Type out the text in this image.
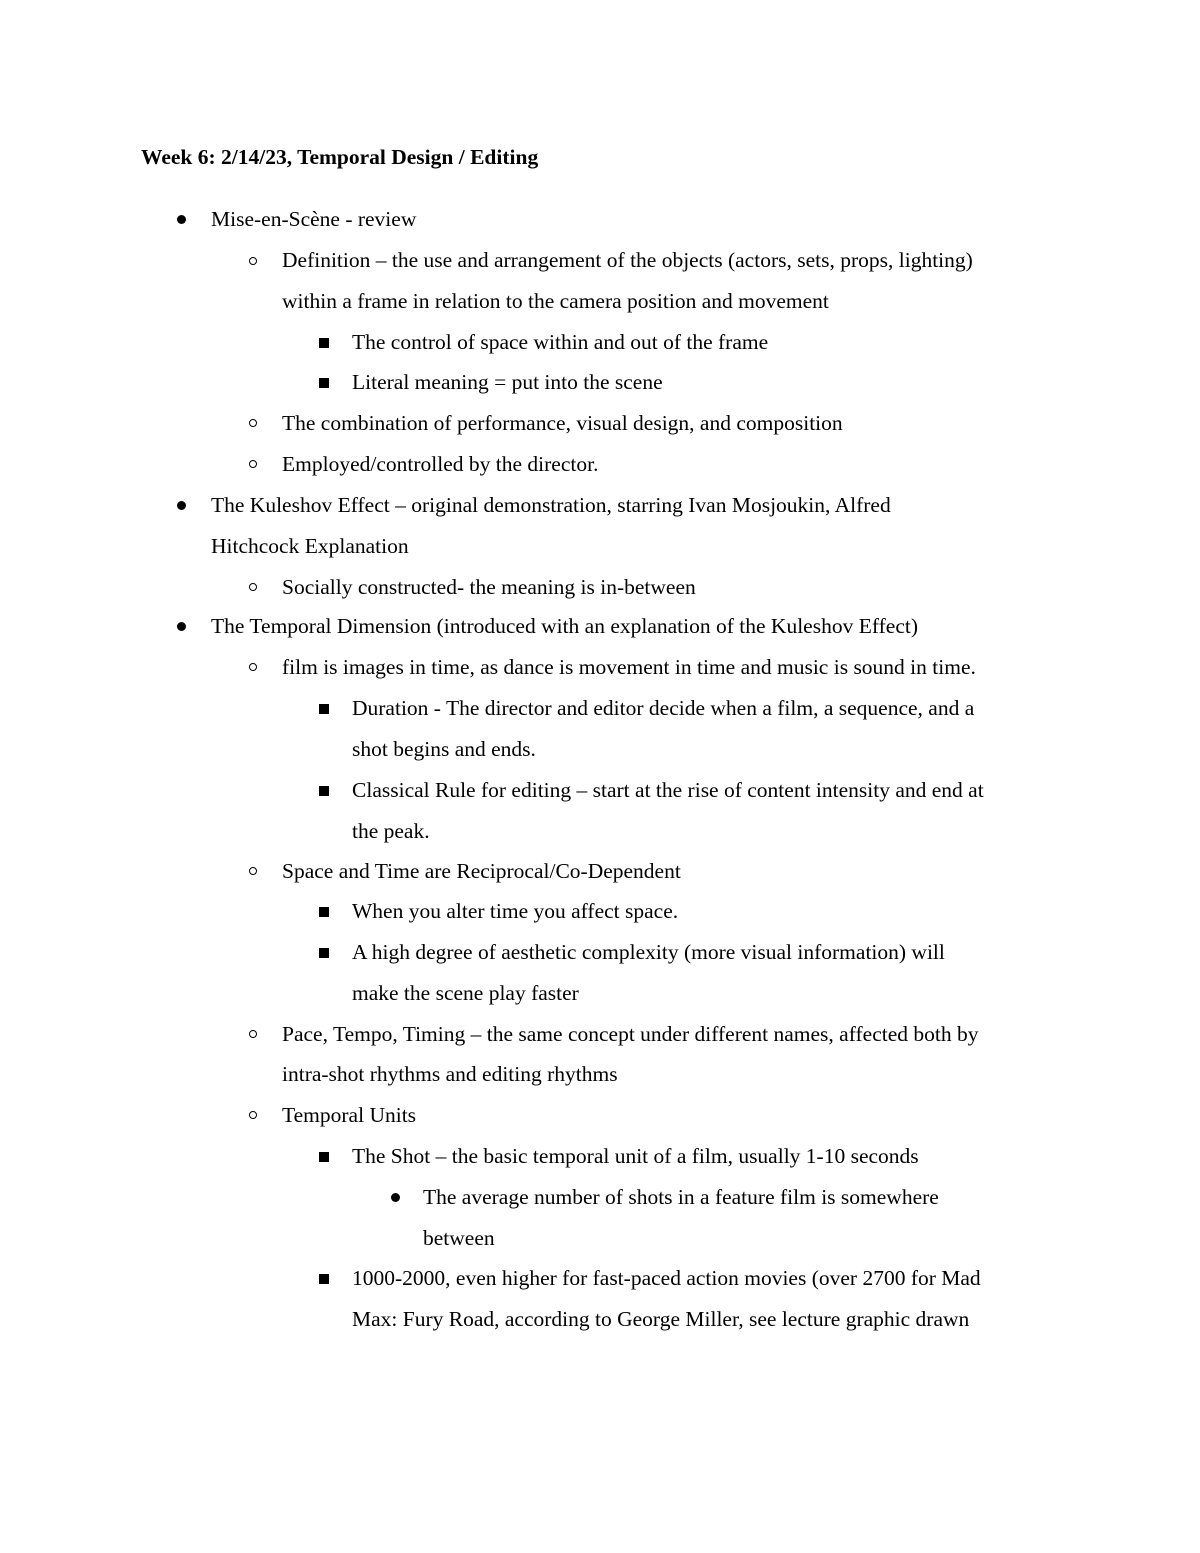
Week 6: 2/14/23, Temporal Design / Editing
Mise-en-Scène - review
Definition – the use and arrangement of the objects (actors, sets, props, lighting)
within a frame in relation to the camera position and movement
The control of space within and out of the frame
Literal meaning = put into the scene
The combination of performance, visual design, and composition
Employed/controlled by the director.
The Kuleshov Effect – original demonstration, starring Ivan Mosjoukin, Alfred
Hitchcock Explanation
Socially constructed- the meaning is in-between
The Temporal Dimension (introduced with an explanation of the Kuleshov Effect)
film is images in time, as dance is movement in time and music is sound in time.
Duration - The director and editor decide when a film, a sequence, and a
shot begins and ends.
Classical Rule for editing – start at the rise of content intensity and end at
the peak.
Space and Time are Reciprocal/Co-Dependent
When you alter time you affect space.
A high degree of aesthetic complexity (more visual information) will
make the scene play faster
Pace, Tempo, Timing – the same concept under different names, affected both by
intra-shot rhythms and editing rhythms
Temporal Units
The Shot – the basic temporal unit of a film, usually 1-10 seconds
The average number of shots in a feature film is somewhere
between
1000-2000, even higher for fast-paced action movies (over 2700 for Mad
Max: Fury Road, according to George Miller, see lecture graphic drawn
